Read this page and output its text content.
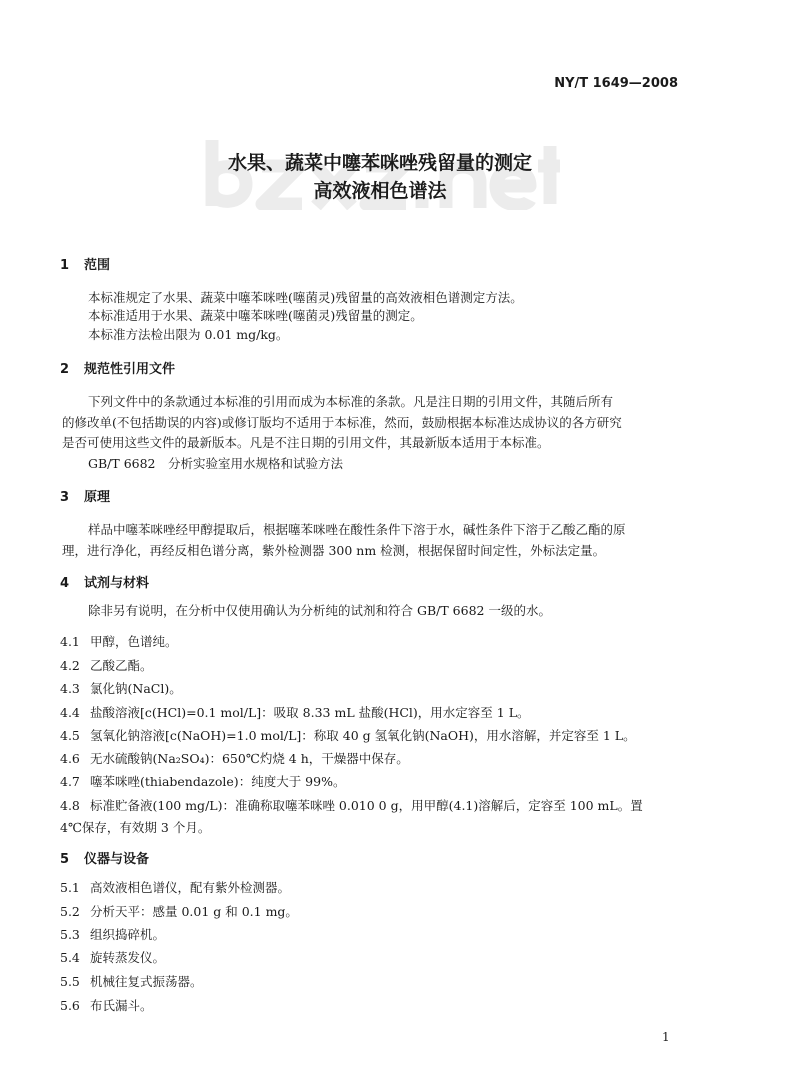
NY/T 1649—2008
水果、蔬菜中噻苯咪唑残留量的测定
高效液相色谱法
1 范围
本标准规定了水果、蔬菜中噻苯咪唑(噻菌灵)残留量的高效液相色谱测定方法。
本标准适用于水果、蔬菜中噻苯咪唑(噻菌灵)残留量的测定。
本标准方法检出限为 0.01 mg/kg。
2 规范性引用文件
下列文件中的条款通过本标准的引用而成为本标准的条款。凡是注日期的引用文件，其随后所有
的修改单(不包括勘误的内容)或修订版均不适用于本标准，然而，鼓励根据本标准达成协议的各方研究
是否可使用这些文件的最新版本。凡是不注日期的引用文件，其最新版本适用于本标准。
GB/T 6682　分析实验室用水规格和试验方法
3 原理
样品中噻苯咪唑经甲醇提取后，根据噻苯咪唑在酸性条件下溶于水，碱性条件下溶于乙酸乙酯的原
理，进行净化，再经反相色谱分离，紫外检测器 300 nm 检测，根据保留时间定性，外标法定量。
4 试剂与材料
除非另有说明，在分析中仅使用确认为分析纯的试剂和符合 GB/T 6682 一级的水。
4.1 甲醇，色谱纯。
4.2 乙酸乙酯。
4.3 氯化钠(NaCl)。
4.4 盐酸溶液[c(HCl)=0.1 mol/L]：吸取 8.33 mL 盐酸(HCl)，用水定容至 1 L。
4.5 氢氧化钠溶液[c(NaOH)=1.0 mol/L]：称取 40 g 氢氧化钠(NaOH)，用水溶解，并定容至 1 L。
4.6 无水硫酸钠(Na₂SO₄)：650℃灼烧 4 h，干燥器中保存。
4.7 噻苯咪唑(thiabendazole)：纯度大于 99%。
4.8 标准贮备液(100 mg/L)：准确称取噻苯咪唑 0.010 0 g，用甲醇(4.1)溶解后，定容至 100 mL。置
4℃保存，有效期 3 个月。
5 仪器与设备
5.1 高效液相色谱仪，配有紫外检测器。
5.2 分析天平：感量 0.01 g 和 0.1 mg。
5.3 组织捣碎机。
5.4 旋转蒸发仪。
5.5 机械往复式振荡器。
5.6 布氏漏斗。
1
